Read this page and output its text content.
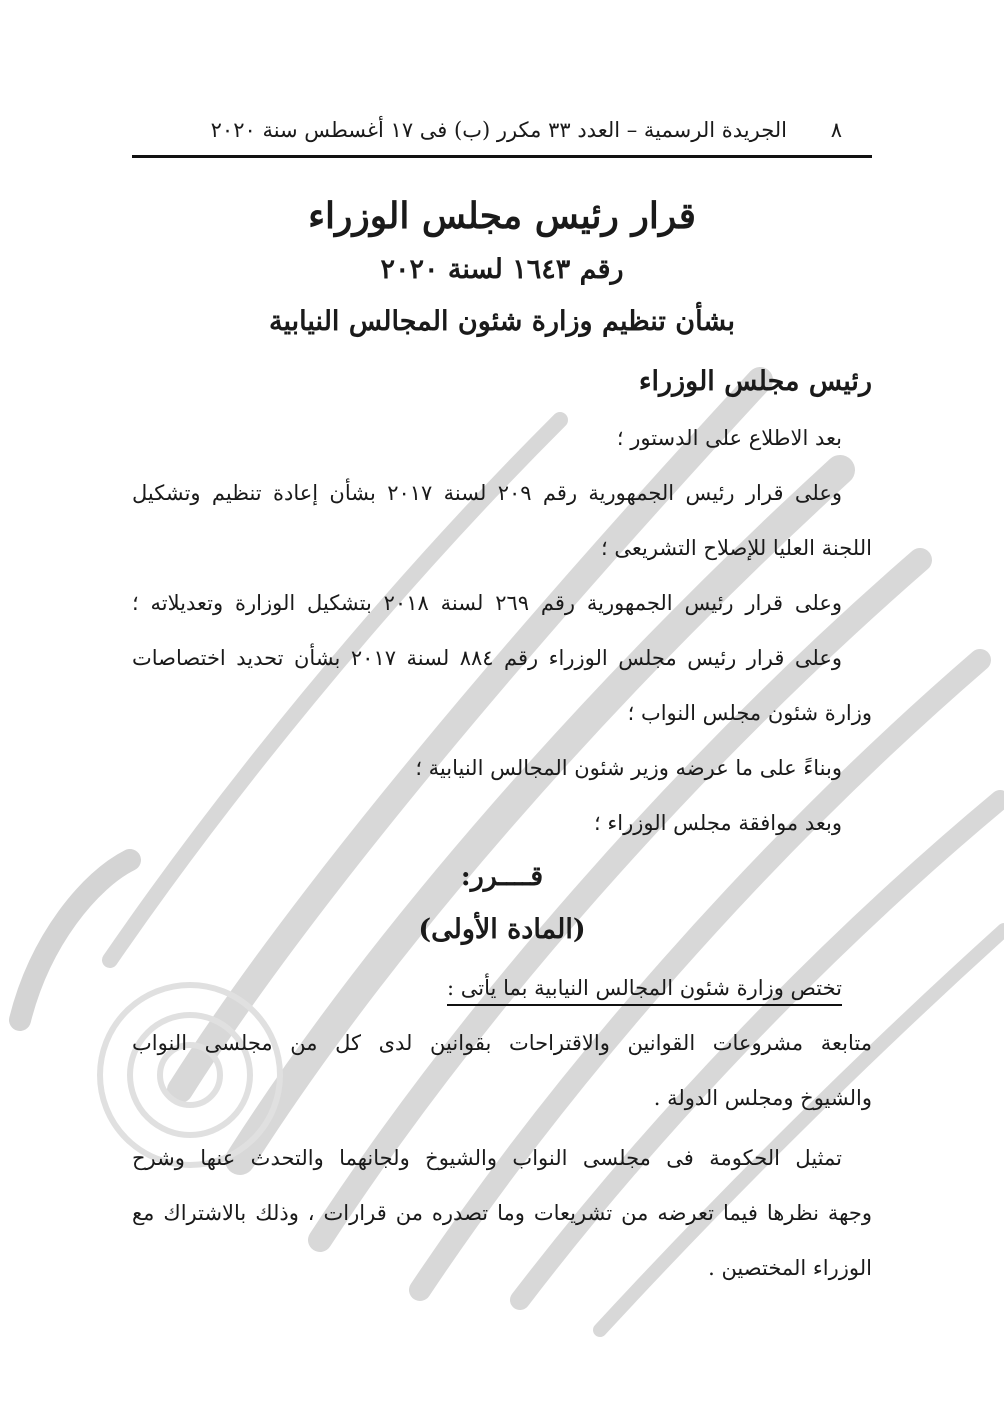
٨
الجريدة الرسمية – العدد ٣٣ مكرر (ب) فى ١٧ أغسطس سنة ٢٠٢٠
قرار رئيس مجلس الوزراء
رقم ١٦٤٣ لسنة ٢٠٢٠
بشأن تنظيم وزارة شئون المجالس النيابية
رئيس مجلس الوزراء
بعد الاطلاع على الدستور ؛
وعلى قرار رئيس الجمهورية رقم ٢٠٩ لسنة ٢٠١٧ بشأن إعادة تنظيم وتشكيل
اللجنة العليا للإصلاح التشريعى ؛
وعلى قرار رئيس الجمهورية رقم ٢٦٩ لسنة ٢٠١٨ بتشكيل الوزارة وتعديلاته ؛
وعلى قرار رئيس مجلس الوزراء رقم ٨٨٤ لسنة ٢٠١٧ بشأن تحديد اختصاصات
وزارة شئون مجلس النواب ؛
وبناءً على ما عرضه وزير شئون المجالس النيابية ؛
وبعد موافقة مجلس الوزراء ؛
قــــرر:
(المادة الأولى)
تختص وزارة شئون المجالس النيابية بما يأتى :
متابعة مشروعات القوانين والاقتراحات بقوانين لدى كل من مجلسى النواب
والشيوخ ومجلس الدولة .
تمثيل الحكومة فى مجلسى النواب والشيوخ ولجانهما والتحدث عنها وشرح
وجهة نظرها فيما تعرضه من تشريعات وما تصدره من قرارات ، وذلك بالاشتراك مع
الوزراء المختصين .
